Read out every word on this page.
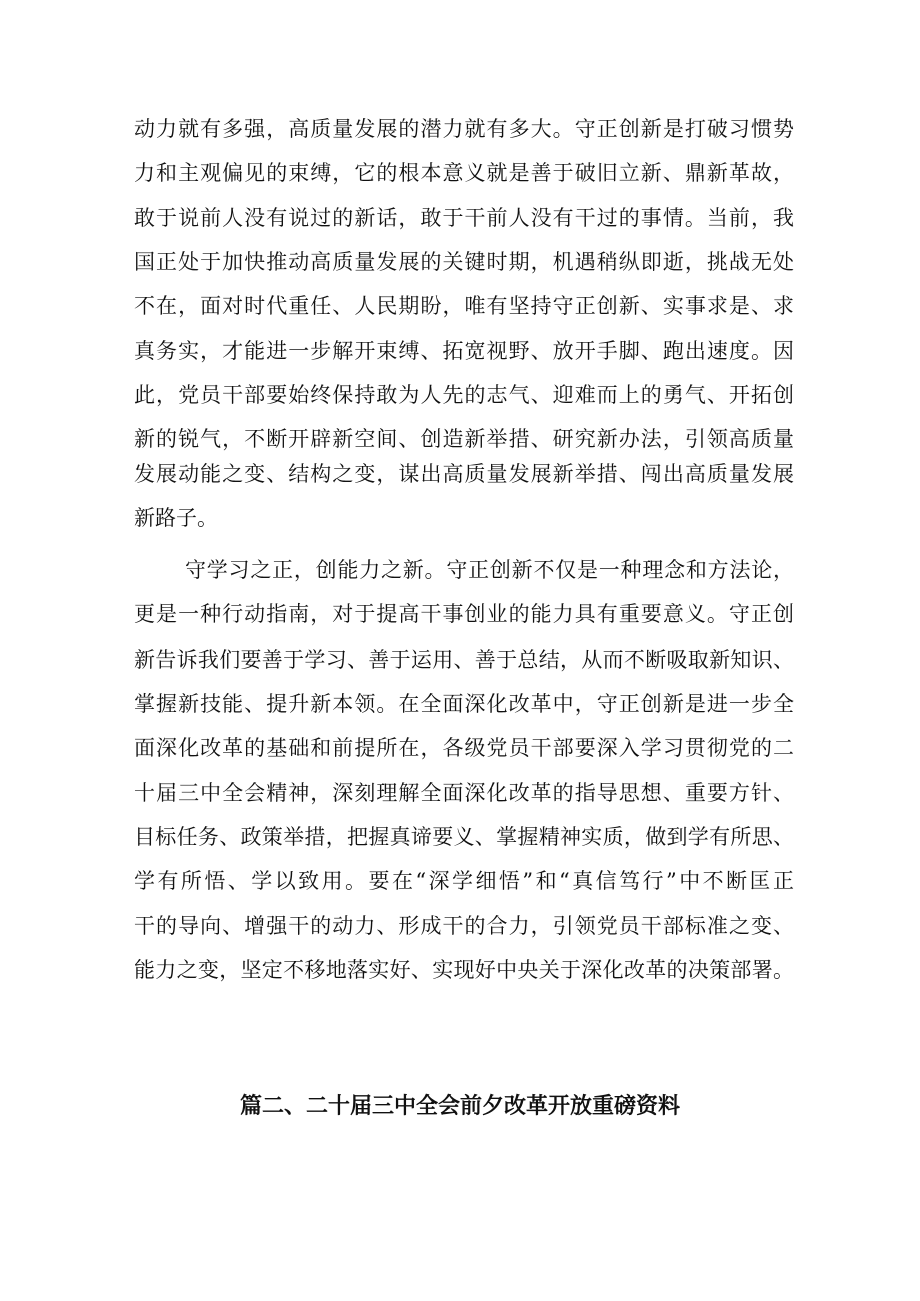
动力就有多强，高质量发展的潜力就有多大。守正创新是打破习惯势
力和主观偏见的束缚，它的根本意义就是善于破旧立新、鼎新革故，
敢于说前人没有说过的新话，敢于干前人没有干过的事情。当前，我
国正处于加快推动高质量发展的关键时期，机遇稍纵即逝，挑战无处
不在，面对时代重任、人民期盼，唯有坚持守正创新、实事求是、求
真务实，才能进一步解开束缚、拓宽视野、放开手脚、跑出速度。因
此，党员干部要始终保持敢为人先的志气、迎难而上的勇气、开拓创
新的锐气，不断开辟新空间、创造新举措、研究新办法，引领高质量
发展动能之变、结构之变，谋出高质量发展新举措、闯出高质量发展
新路子。
守学习之正，创能力之新。守正创新不仅是一种理念和方法论，
更是一种行动指南，对于提高干事创业的能力具有重要意义。守正创
新告诉我们要善于学习、善于运用、善于总结，从而不断吸取新知识、
掌握新技能、提升新本领。在全面深化改革中，守正创新是进一步全
面深化改革的基础和前提所在，各级党员干部要深入学习贯彻党的二
十届三中全会精神，深刻理解全面深化改革的指导思想、重要方针、
目标任务、政策举措，把握真谛要义、掌握精神实质，做到学有所思、
学有所悟、学以致用。要在“深学细悟”和“真信笃行”中不断匡正
干的导向、增强干的动力、形成干的合力，引领党员干部标准之变、
能力之变，坚定不移地落实好、实现好中央关于深化改革的决策部署。
篇二、二十届三中全会前夕改革开放重磅资料
